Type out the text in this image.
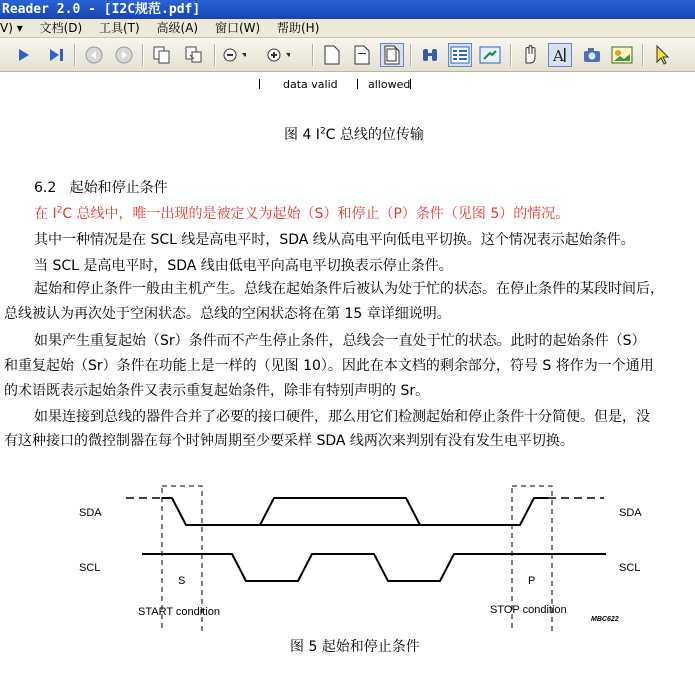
Reader 2.0 - [I2C规范.pdf]
V) ▾ 文档(D) 工具(T) 高级(A) 窗口(W) 帮助(H)
A
data valid	allowed
图 4 $I^2C$ 总线的位传输
6.2 起始和停止条件
在 $I^2C$ 总线中，唯一出现的是被定义为起始（S）和停止（P）条件（见图 5）的情况。
其中一种情况是在 SCL 线是高电平时，SDA 线从高电平向低电平切换。这个情况表示起始条件。
当 SCL 是高电平时，SDA 线由低电平向高电平切换表示停止条件。
起始和停止条件一般由主机产生。总线在起始条件后被认为处于忙的状态。在停止条件的某段时间后，
总线被认为再次处于空闲状态。总线的空闲状态将在第 15 章详细说明。
如果产生重复起始（Sr）条件而不产生停止条件，总线会一直处于忙的状态。此时的起始条件（S）
和重复起始（Sr）条件在功能上是一样的（见图 10）。因此在本文档的剩余部分，符号 S 将作为一个通用
的术语既表示起始条件又表示重复起始条件，除非有特别声明的 Sr。
如果连接到总线的器件合并了必要的接口硬件，那么用它们检测起始和停止条件十分简便。但是，没
有这种接口的微控制器在每个时钟周期至少要采样 SDA 线两次来判别有没有发生电平切换。
SDA	SDA
SCL	SCL
S	P
START condition	STOP condition
MBC622
图 5 起始和停止条件
